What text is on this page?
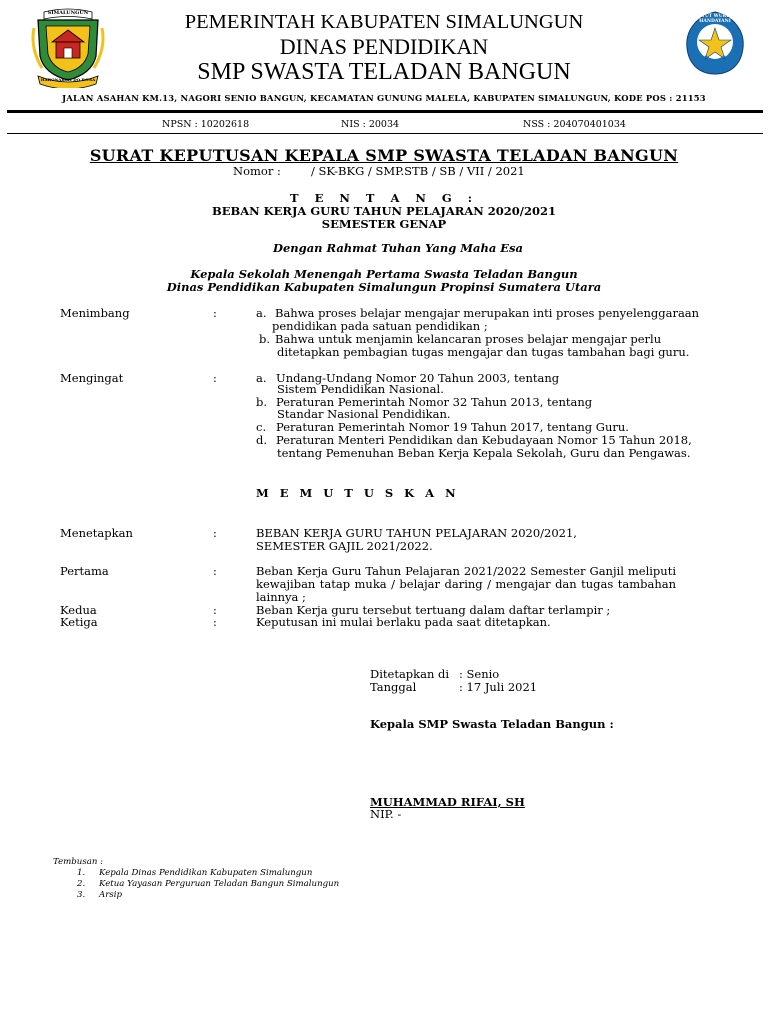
SIMALUNGUN
HABONARON DO BONA
TUT WURI HANDAYANI
PEMERINTAH KABUPATEN SIMALUNGUN
DINAS PENDIDIKAN
SMP SWASTA TELADAN BANGUN
JALAN ASAHAN KM.13, NAGORI SENIO BANGUN, KECAMATAN GUNUNG MALELA, KABUPATEN SIMALUNGUN, KODE POS : 21153
NPSN : 10202618	NIS : 20034	NSS : 204070401034
SURAT KEPUTUSAN KEPALA SMP SWASTA TELADAN BANGUN
Nomor :	/ SK-BKG / SMP.STB / SB / VII / 2021
T E N T A N G :
BEBAN KERJA GURU TAHUN PELAJARAN 2020/2021
SEMESTER GENAP
Dengan Rahmat Tuhan Yang Maha Esa
Kepala Sekolah Menengah Pertama Swasta Teladan Bangun
Dinas Pendidikan Kabupaten Simalungun Propinsi Sumatera Utara
Menimbang	:	a. Bahwa proses belajar mengajar merupakan inti proses penyelenggaraan
pendidikan pada satuan pendidikan ;
b. Bahwa untuk menjamin kelancaran proses belajar mengajar perlu
ditetapkan pembagian tugas mengajar dan tugas tambahan bagi guru.
Mengingat	:	a. Undang-Undang Nomor 20 Tahun 2003, tentang
Sistem Pendidikan Nasional.
b. Peraturan Pemerintah Nomor 32 Tahun 2013, tentang
Standar Nasional Pendidikan.
c. Peraturan Pemerintah Nomor 19 Tahun 2017, tentang Guru.
d. Peraturan Menteri Pendidikan dan Kebudayaan Nomor 15 Tahun 2018,
tentang Pemenuhan Beban Kerja Kepala Sekolah, Guru dan Pengawas.
M E M U T U S K A N
Menetapkan	:	BEBAN KERJA GURU TAHUN PELAJARAN 2020/2021,
SEMESTER GAJIL 2021/2022.
Pertama	:	Beban Kerja Guru Tahun Pelajaran 2021/2022 Semester Ganjil meliputi kewajiban tatap muka / belajar daring / mengajar dan tugas tambahan lainnya ;
Kedua	:	Beban Kerja guru tersebut tertuang dalam daftar terlampir ;
Ketiga	:	Keputusan ini mulai berlaku pada saat ditetapkan.
Ditetapkan di : Senio
Tanggal	: 17 Juli 2021
Kepala SMP Swasta Teladan Bangun :
MUHAMMAD RIFAI, SH
NIP. -
Tembusan :
1. Kepala Dinas Pendidikan Kabupaten Simalungun
2. Ketua Yayasan Perguruan Teladan Bangun Simalungun
3. Arsip
